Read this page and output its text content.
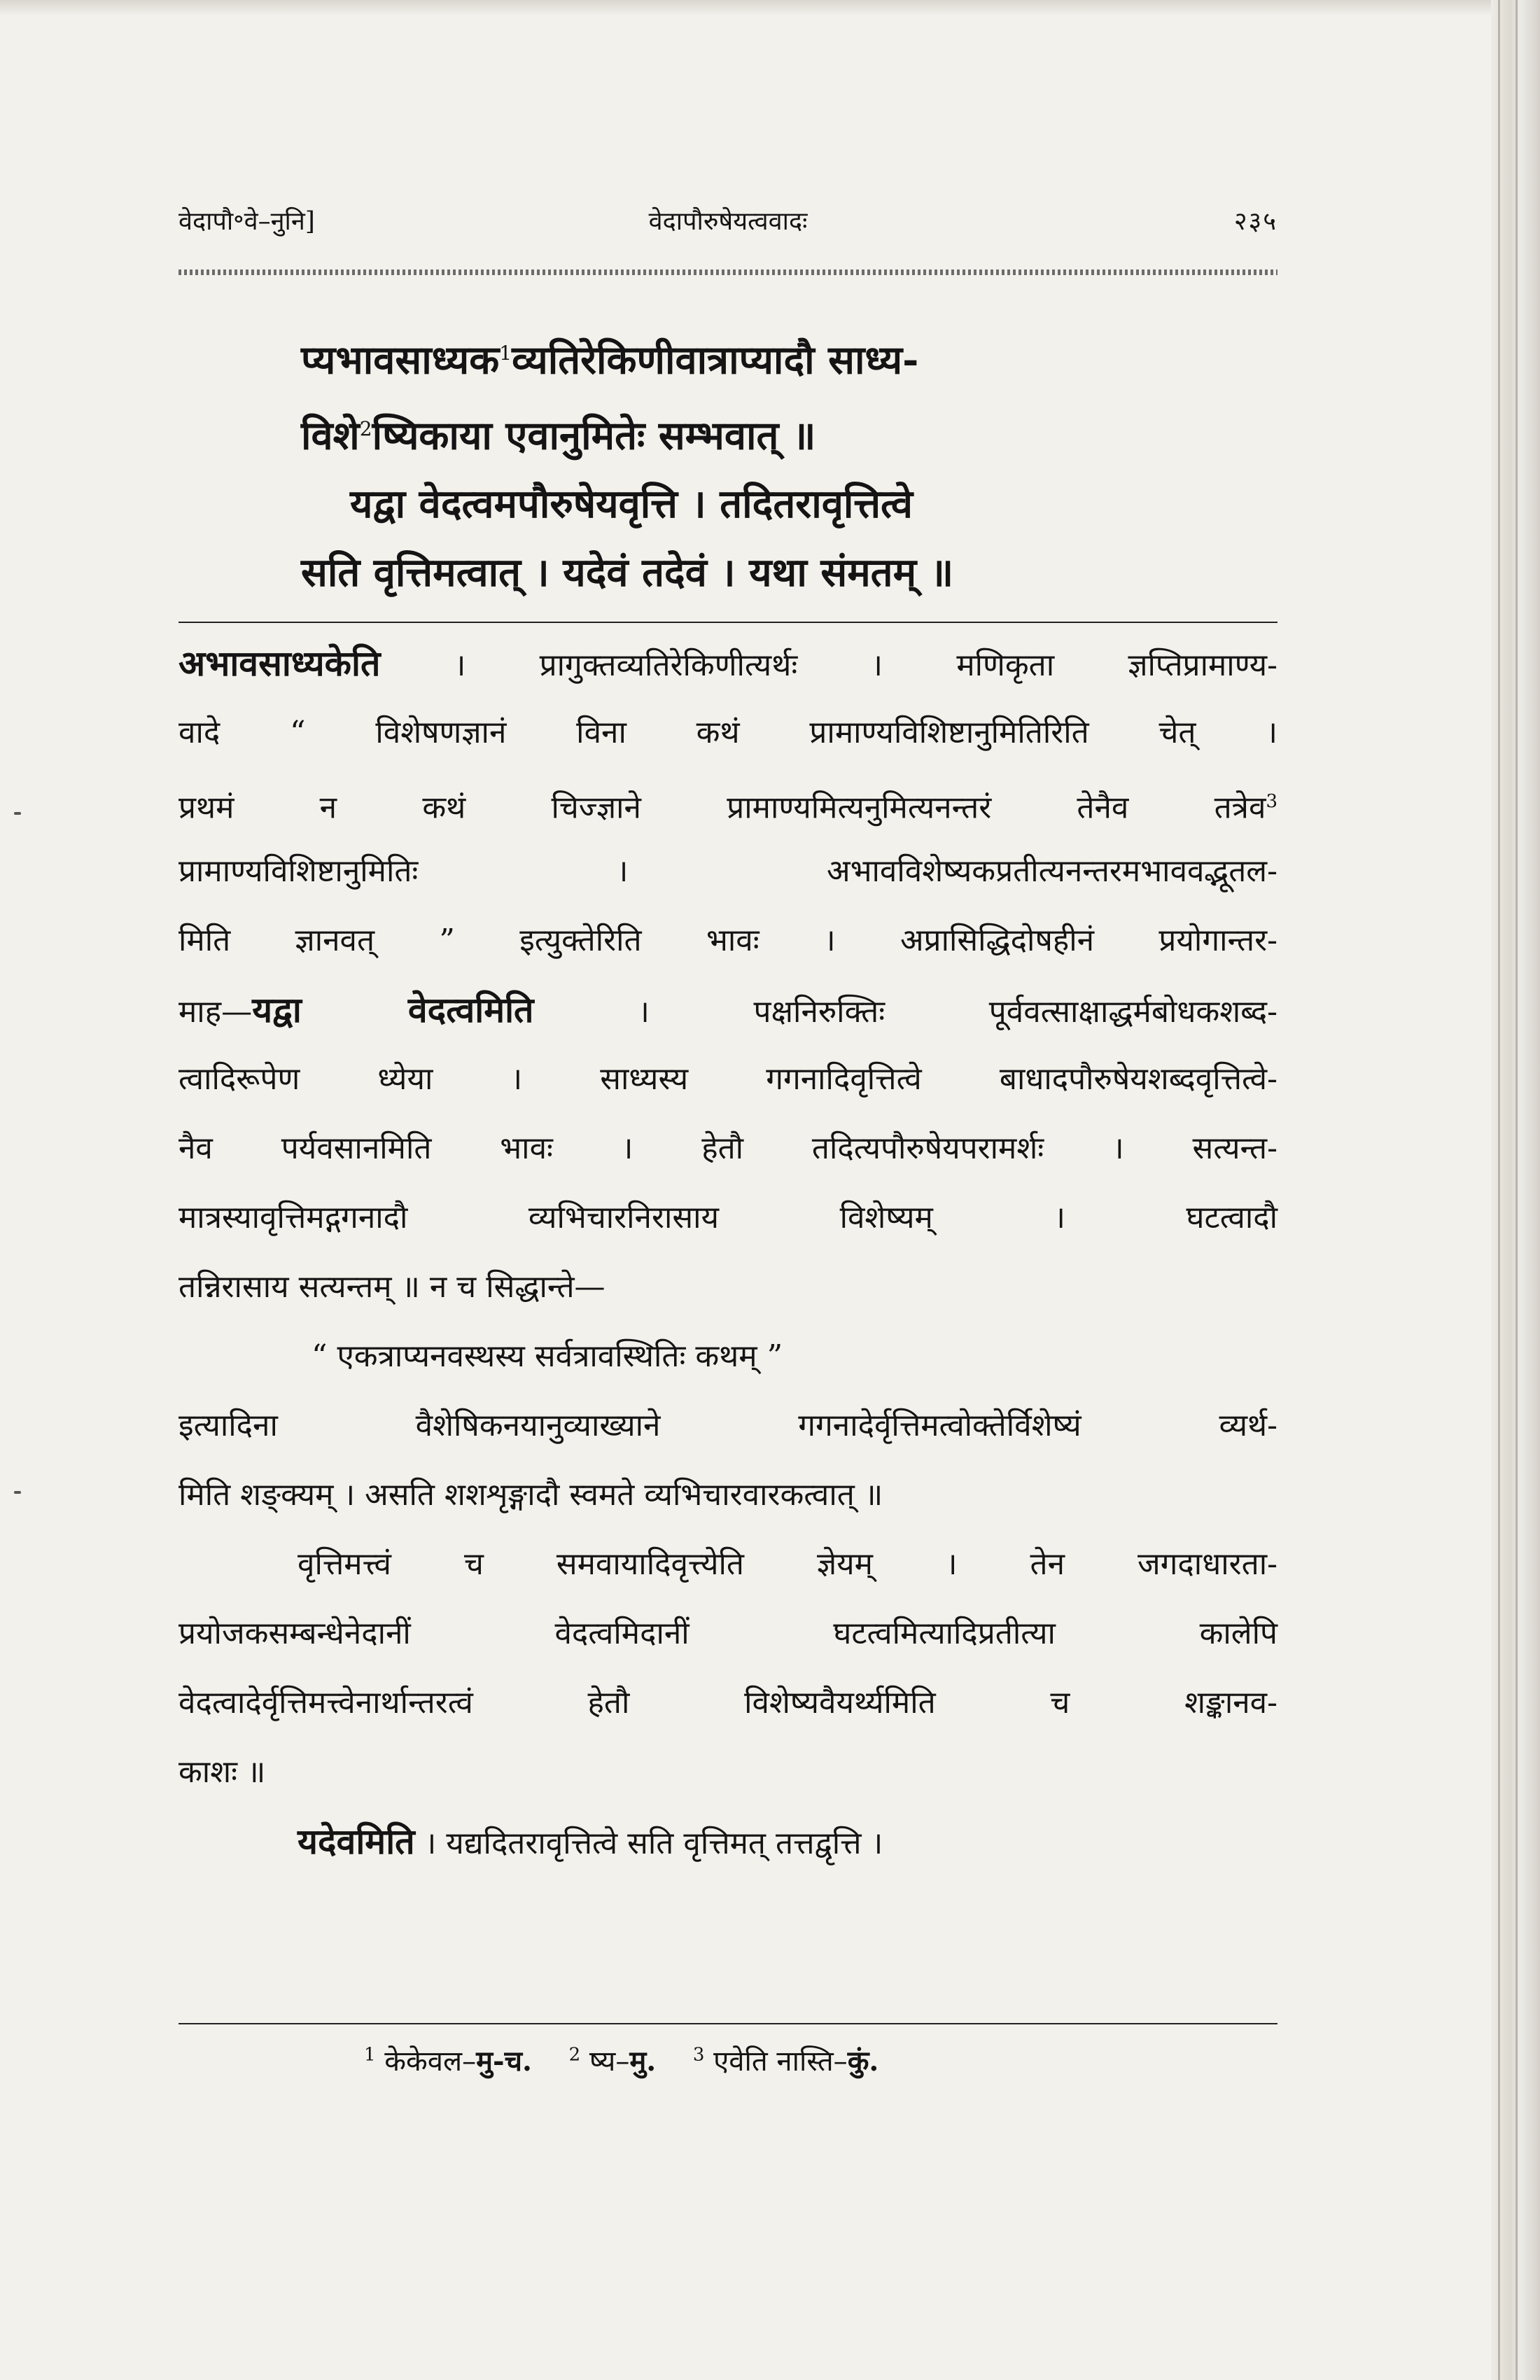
वेदापौ॰वे–नुनि]	वेदापौरुषेयत्ववादः	२३५
प्यभावसाध्यक$^1$व्यतिरेकिणीवात्राप्यादौ साध्य-
विशे$^2$ष्यिकाया एवानुमितेः सम्भवात् ॥
यद्वा वेदत्वमपौरुषेयवृत्ति । तदितरावृत्तित्वे
सति वृत्तिमत्वात् । यदेवं तदेवं । यथा संमतम् ॥
अभावसाध्यकेति । प्रागुक्तव्यतिरेकिणीत्यर्थः । मणिकृता ज्ञप्तिप्रामाण्य-
वादे “ विशेषणज्ञानं विना कथं प्रामाण्यविशिष्टानुमितिरिति चेत् ।
प्रथमं न कथं चिज्ज्ञाने प्रामाण्यमित्यनुमित्यनन्तरं तेनैव तत्रेव$^3$
प्रामाण्यविशिष्टानुमितिः । अभावविशेष्यकप्रतीत्यनन्तरमभाववद्भूतल-
मिति ज्ञानवत् ” इत्युक्तेरिति भावः । अप्रासिद्धिदोषहीनं प्रयोगान्तर-
माह—यद्वा वेदत्वमिति । पक्षनिरुक्तिः पूर्ववत्साक्षाद्धर्मबोधकशब्द-
त्वादिरूपेण ध्येया । साध्यस्य गगनादिवृत्तित्वे बाधादपौरुषेयशब्दवृत्तित्वे-
नैव पर्यवसानमिति भावः । हेतौ तदित्यपौरुषेयपरामर्शः । सत्यन्त-
मात्रस्यावृत्तिमद्गगनादौ व्यभिचारनिरासाय विशेष्यम् । घटत्वादौ
तन्निरासाय सत्यन्तम् ॥ न च सिद्धान्ते—
“ एकत्राप्यनवस्थस्य सर्वत्रावस्थितिः कथम् ”
इत्यादिना वैशेषिकनयानुव्याख्याने गगनादेर्वृत्तिमत्वोक्तेर्विशेष्यं व्यर्थ-
मिति शङ्क्यम् । असति शशशृङ्गादौ स्वमते व्यभिचारवारकत्वात् ॥
वृत्तिमत्त्वं च समवायादिवृत्त्येति ज्ञेयम् । तेन जगदाधारता-
प्रयोजकसम्बन्धेनेदानीं वेदत्वमिदानीं घटत्वमित्यादिप्रतीत्या कालेपि
वेदत्वादेर्वृत्तिमत्त्वेनार्थान्तरत्वं हेतौ विशेष्यवैयर्थ्यमिति च शङ्कानव-
काशः ॥
यदेवमिति । यद्यदितरावृत्तित्वे सति वृत्तिमत् तत्तद्वृत्ति ।
$^1$ केकेवल–मु-च. $^2$ ष्य–मु. $^3$ एवेति नास्ति–कुं.
